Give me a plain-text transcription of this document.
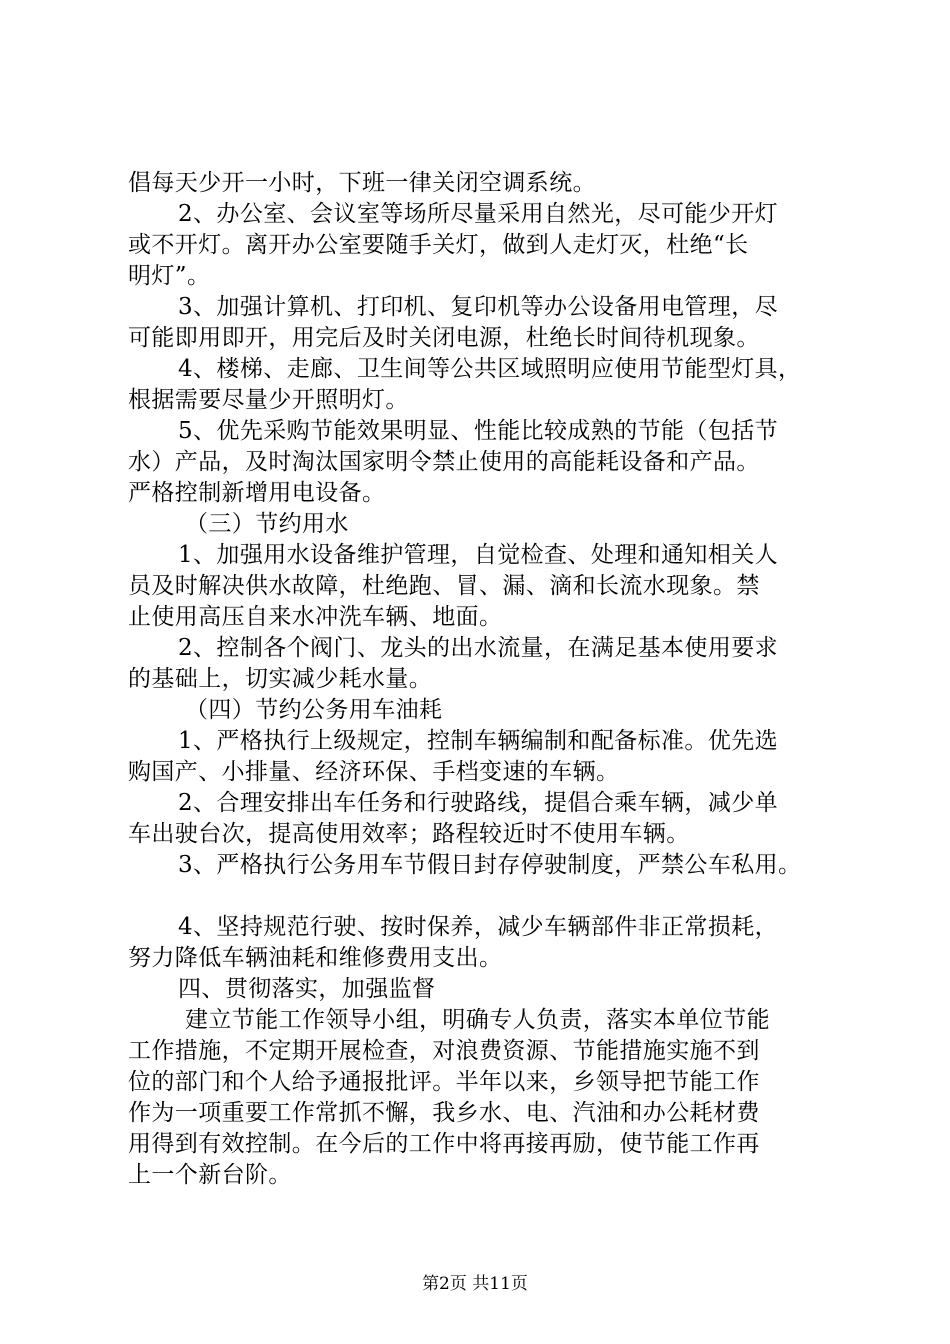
倡每天少开一小时，下班一律关闭空调系统。
2、办公室、会议室等场所尽量采用自然光，尽可能少开灯
或不开灯。离开办公室要随手关灯，做到人走灯灭，杜绝“长
明灯”。
3、加强计算机、打印机、复印机等办公设备用电管理，尽
可能即用即开，用完后及时关闭电源，杜绝长时间待机现象。
4、楼梯、走廊、卫生间等公共区域照明应使用节能型灯具，
根据需要尽量少开照明灯。
5、优先采购节能效果明显、性能比较成熟的节能（包括节
水）产品，及时淘汰国家明令禁止使用的高能耗设备和产品。
严格控制新增用电设备。
（三）节约用水
1、加强用水设备维护管理，自觉检查、处理和通知相关人
员及时解决供水故障，杜绝跑、冒、漏、滴和长流水现象。禁
止使用高压自来水冲洗车辆、地面。
2、控制各个阀门、龙头的出水流量，在满足基本使用要求
的基础上，切实减少耗水量。
（四）节约公务用车油耗
1、严格执行上级规定，控制车辆编制和配备标准。优先选
购国产、小排量、经济环保、手档变速的车辆。
2、合理安排出车任务和行驶路线，提倡合乘车辆，减少单
车出驶台次，提高使用效率；路程较近时不使用车辆。
3、严格执行公务用车节假日封存停驶制度，严禁公车私用。
4、坚持规范行驶、按时保养，减少车辆部件非正常损耗，
努力降低车辆油耗和维修费用支出。
四、贯彻落实，加强监督
建立节能工作领导小组，明确专人负责，落实本单位节能
工作措施，不定期开展检查，对浪费资源、节能措施实施不到
位的部门和个人给予通报批评。半年以来，乡领导把节能工作
作为一项重要工作常抓不懈，我乡水、电、汽油和办公耗材费
用得到有效控制。在今后的工作中将再接再励，使节能工作再
上一个新台阶。
第2页 共11页
